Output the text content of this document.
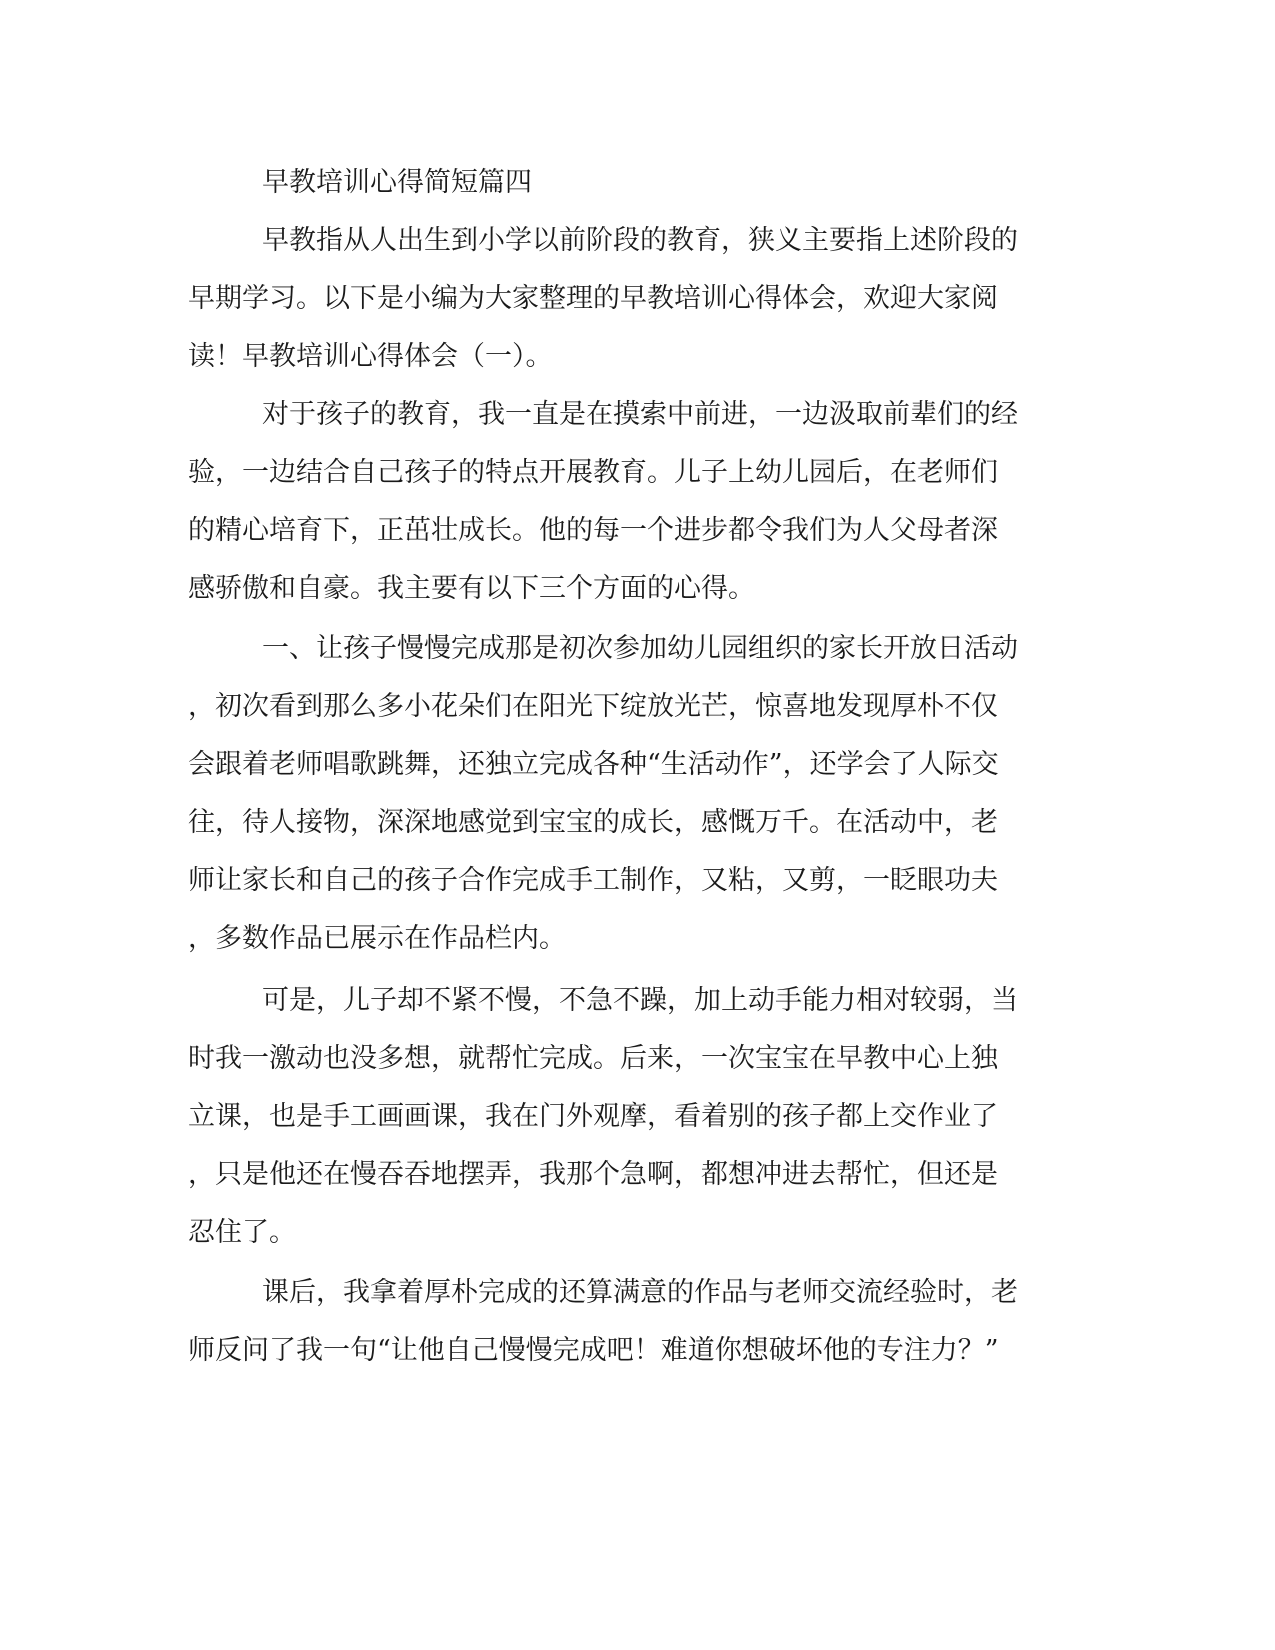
早教培训心得简短篇四

早教指从人出生到小学以前阶段的教育，狭义主要指上述阶段的

早期学习。以下是小编为大家整理的早教培训心得体会，欢迎大家阅

读！早教培训心得体会（一）。

对于孩子的教育，我一直是在摸索中前进，一边汲取前辈们的经

验，一边结合自己孩子的特点开展教育。儿子上幼儿园后，在老师们

的精心培育下，正茁壮成长。他的每一个进步都令我们为人父母者深

感骄傲和自豪。我主要有以下三个方面的心得。

一、让孩子慢慢完成那是初次参加幼儿园组织的家长开放日活动

，初次看到那么多小花朵们在阳光下绽放光芒，惊喜地发现厚朴不仅

会跟着老师唱歌跳舞，还独立完成各种“生活动作”，还学会了人际交

往，待人接物，深深地感觉到宝宝的成长，感慨万千。在活动中，老

师让家长和自己的孩子合作完成手工制作，又粘，又剪，一眨眼功夫

，多数作品已展示在作品栏内。

可是，儿子却不紧不慢，不急不躁，加上动手能力相对较弱，当

时我一激动也没多想，就帮忙完成。后来，一次宝宝在早教中心上独

立课，也是手工画画课，我在门外观摩，看着别的孩子都上交作业了

，只是他还在慢吞吞地摆弄，我那个急啊，都想冲进去帮忙，但还是

忍住了。

课后，我拿着厚朴完成的还算满意的作品与老师交流经验时，老

师反问了我一句“让他自己慢慢完成吧！难道你想破坏他的专注力？”
